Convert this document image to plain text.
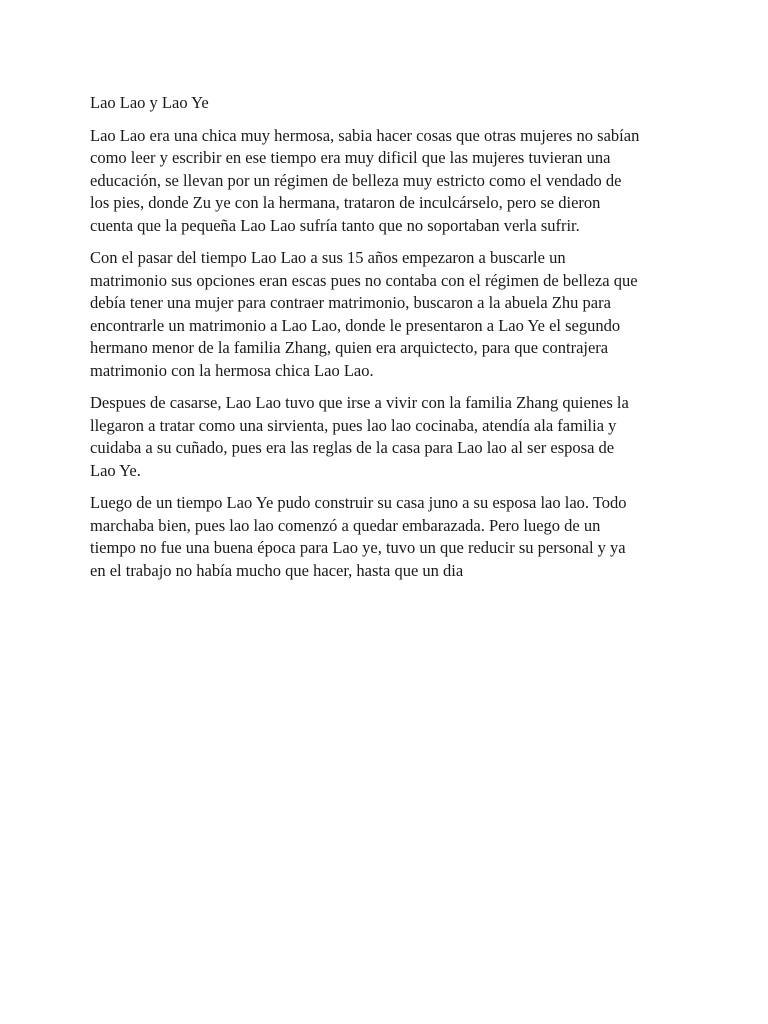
Lao Lao y Lao Ye

Lao Lao era una chica muy hermosa, sabia hacer cosas que otras mujeres no sabían
como leer y escribir en ese tiempo era muy dificil que las mujeres tuvieran una
educación, se llevan por un régimen de belleza muy estricto como el vendado de
los pies, donde Zu ye con la hermana, trataron de inculcárselo, pero se dieron
cuenta que la pequeña Lao Lao sufría tanto que no soportaban verla sufrir.

Con el pasar del tiempo Lao Lao a sus 15 años empezaron a buscarle un
matrimonio sus opciones eran escas pues no contaba con el régimen de belleza que
debía tener una mujer para contraer matrimonio, buscaron a la abuela Zhu para
encontrarle un matrimonio a Lao Lao, donde le presentaron a Lao Ye el segundo
hermano menor de la familia Zhang, quien era arquictecto, para que contrajera
matrimonio con la hermosa chica Lao Lao.

Despues de casarse, Lao Lao tuvo que irse a vivir con la familia Zhang quienes la
llegaron a tratar como una sirvienta, pues lao lao cocinaba, atendía ala familia y
cuidaba a su cuñado, pues era las reglas de la casa para Lao lao al ser esposa de
Lao Ye.

Luego de un tiempo Lao Ye pudo construir su casa juno a su esposa lao lao. Todo
marchaba bien, pues lao lao comenzó a quedar embarazada. Pero luego de un
tiempo no fue una buena época para Lao ye, tuvo un que reducir su personal y ya
en el trabajo no había mucho que hacer, hasta que un dia
